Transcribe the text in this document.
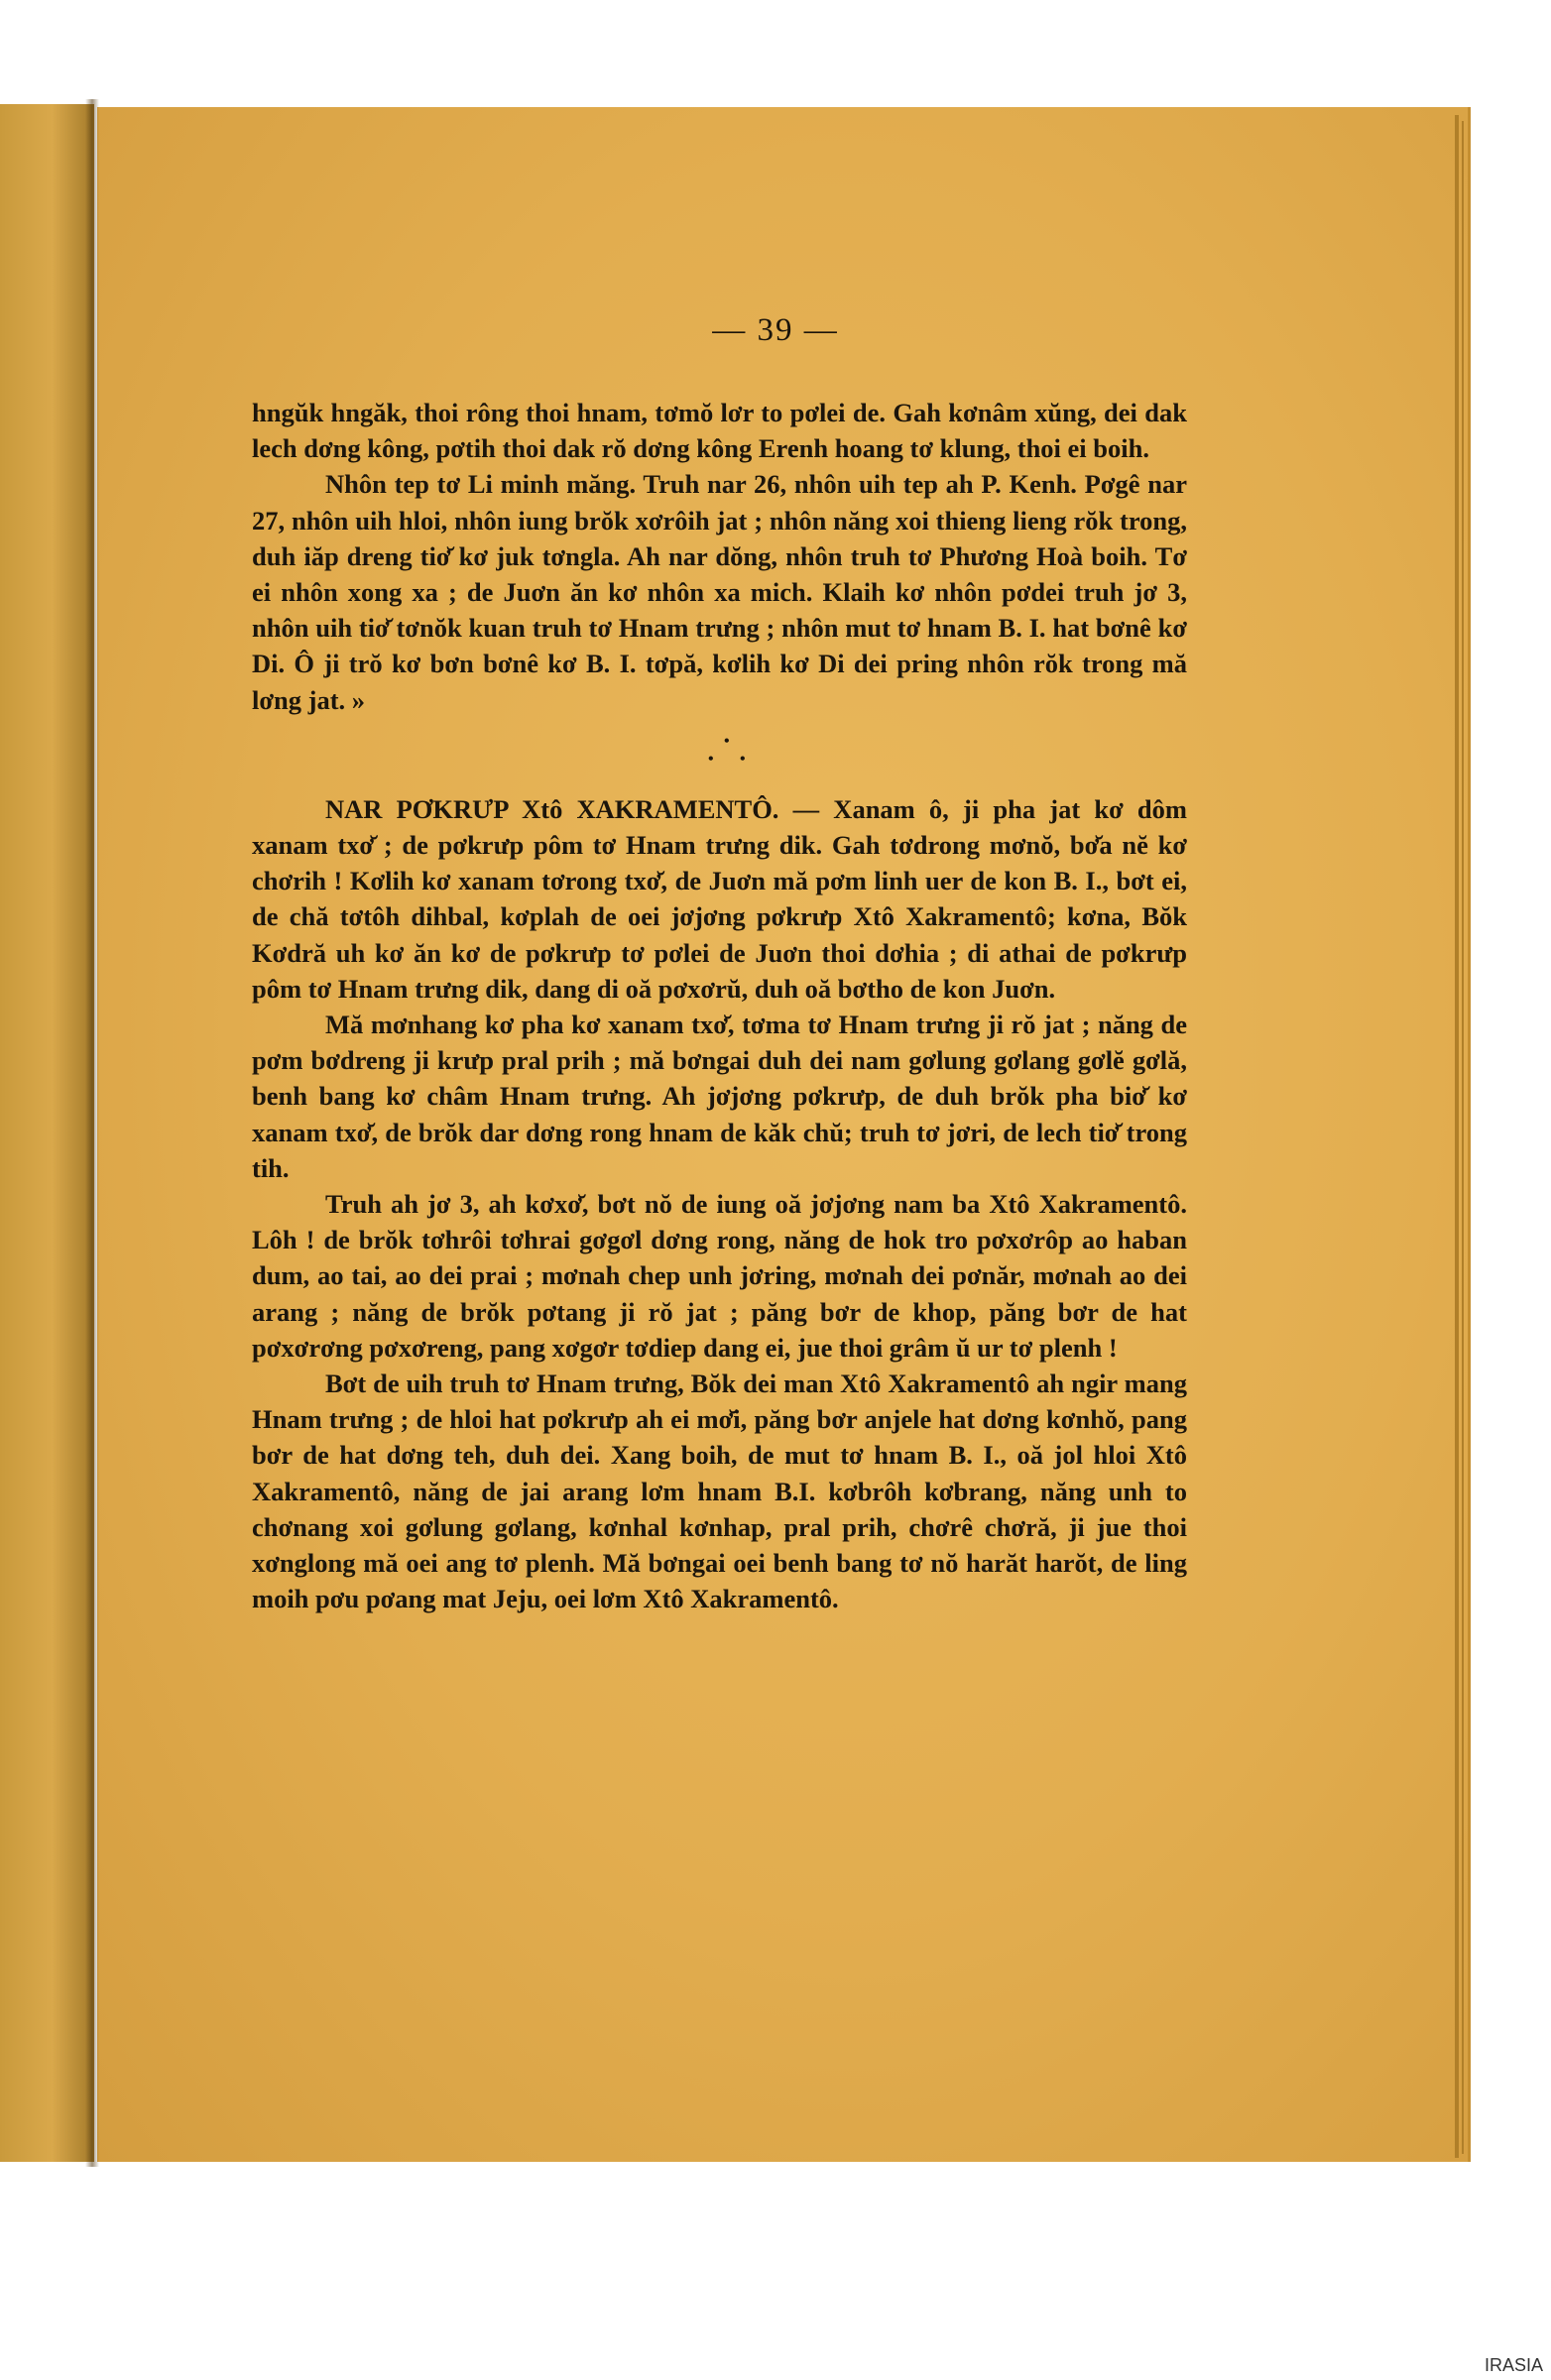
— 39 —

hngŭk hngăk, thoi rông thoi hnam, tơmŏ lơr to pơlei de. Gah kơnâm xŭng, dei dak lech dơng kông, pơtih thoi dak rŏ dơng kông Erenh hoang tơ klung, thoi ei boih.

Nhôn tep tơ Li minh măng. Truh nar 26, nhôn uih tep ah P. Kenh. Pơgê nar 27, nhôn uih hloi, nhôn iung brŏk xơrôih jat ; nhôn năng xoi thieng lieng rŏk trong, duh iăp dreng tiơ̆ kơ juk tơngla. Ah nar dŏng, nhôn truh tơ Phương Hoà boih. Tơ ei nhôn xong xa ; de Juơn ăn kơ nhôn xa mich. Klaih kơ nhôn pơdei truh jơ 3, nhôn uih tiơ̆ tơnŏk kuan truh tơ Hnam trưng ; nhôn mut tơ hnam B. I. hat bơnê kơ Di. Ô ji trŏ kơ bơn bơnê kơ B. I. tơpă, kơlih kơ Di dei pring nhôn rŏk trong mă lơng jat. »

•
• •

NAR PƠKRƯP Xtô XAKRAMENTÔ. — Xanam ô, ji pha jat kơ dôm xanam txơ̆ ; de pơkrưp pôm tơ Hnam trưng dik. Gah tơdrong mơnŏ, bơ̆a nĕ kơ chơrih ! Kơlih kơ xanam tơrong txơ̆, de Juơn mă pơm linh uer de kon B. I., bơt ei, de chă tơtôh dihbal, kơplah de oei jơjơng pơkrưp Xtô Xakramentô; kơna, Bŏk Kơdră uh kơ ăn kơ de pơkrưp tơ pơlei de Juơn thoi dơhia ; di athai de pơkrưp pôm tơ Hnam trưng dik, dang di oă pơxơrŭ, duh oă bơtho de kon Juơn.

Mă mơnhang kơ pha kơ xanam txơ̆, tơma tơ Hnam trưng ji rŏ jat ; năng de pơm bơdreng ji krưp pral prih ; mă bơngai duh dei nam gơlung gơlang gơlĕ gơlă, benh bang kơ châm Hnam trưng. Ah jơjơng pơkrưp, de duh brŏk pha biơ̆ kơ xanam txơ̆, de brŏk dar dơng rong hnam de kăk chŭ; truh tơ jơri, de lech tiơ̆ trong tih.

Truh ah jơ 3, ah kơxơ̆, bơt nŏ de iung oă jơjơng nam ba Xtô Xakramentô. Lôh ! de brŏk tơhrôi tơhrai gơgơl dơng rong, năng de hok tro pơxơrôp ao haban dum, ao tai, ao dei prai ; mơnah chep unh jơring, mơnah dei pơnăr, mơnah ao dei arang ; năng de brŏk pơtang ji rŏ jat ; păng bơr de khop, păng bơr de hat pơxơrơng pơxơreng, pang xơgơr tơdiep dang ei, jue thoi grâm ŭ ur tơ plenh !

Bơt de uih truh tơ Hnam trưng, Bŏk dei man Xtô Xakramentô ah ngir mang Hnam trưng ; de hloi hat pơkrưp ah ei mơ̆i, păng bơr anjele hat dơng kơnhŏ, pang bơr de hat dơng teh, duh dei. Xang boih, de mut tơ hnam B. I., oă jol hloi Xtô Xakramentô, năng de jai arang lơm hnam B.I. kơbrôh kơbrang, năng unh to chơnang xoi gơlung gơlang, kơnhal kơnhap, pral prih, chơrê chơră, ji jue thoi xơnglong mă oei ang tơ plenh. Mă bơngai oei benh bang tơ nŏ harăt harŏt, de ling moih pơu pơang mat Jeju, oei lơm Xtô Xakramentô.

IRASIA
